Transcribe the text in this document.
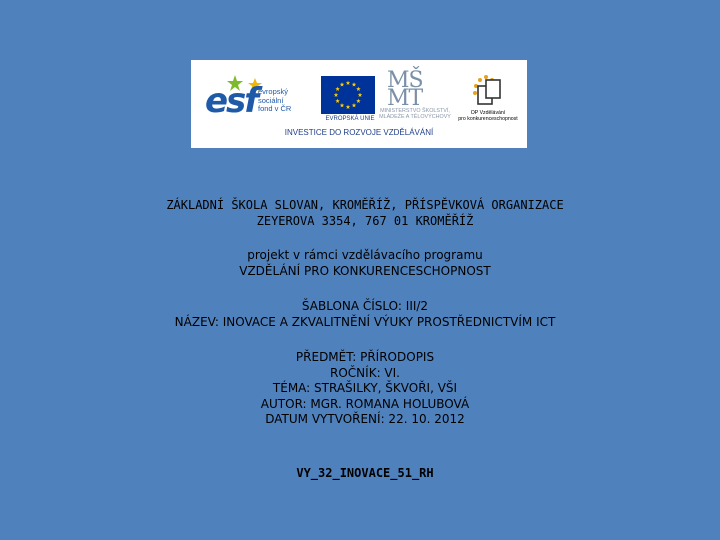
esf evropský
sociální
fond v ČR
EVROPSKÁ UNIE
MŠ
MT
MINISTERSTVO ŠKOLSTVÍ,
MLÁDEŽE A TĚLOVÝCHOVY
OP Vzdělávání
pro konkurenceschopnost
INVESTICE DO ROZVOJE VZDĚLÁVÁNÍ
ZÁKLADNÍ ŠKOLA SLOVAN, KROMĚŘÍŽ, PŘÍSPĚVKOVÁ ORGANIZACE
ZEYEROVA 3354, 767 01 KROMĚŘÍŽ
projekt v rámci vzdělávacího programu
VZDĚLÁNÍ PRO KONKURENCESCHOPNOST
ŠABLONA ČÍSLO: III/2
NÁZEV: INOVACE A ZKVALITNĚNÍ VÝUKY PROSTŘEDNICTVÍM ICT
PŘEDMĚT: PŘÍRODOPIS
ROČNÍK: VI.
TÉMA: STRAŠILKY, ŠKVOŘI, VŠI
AUTOR: MGR. ROMANA HOLUBOVÁ
DATUM VYTVOŘENÍ: 22. 10. 2012
VY_32_INOVACE_51_RH
